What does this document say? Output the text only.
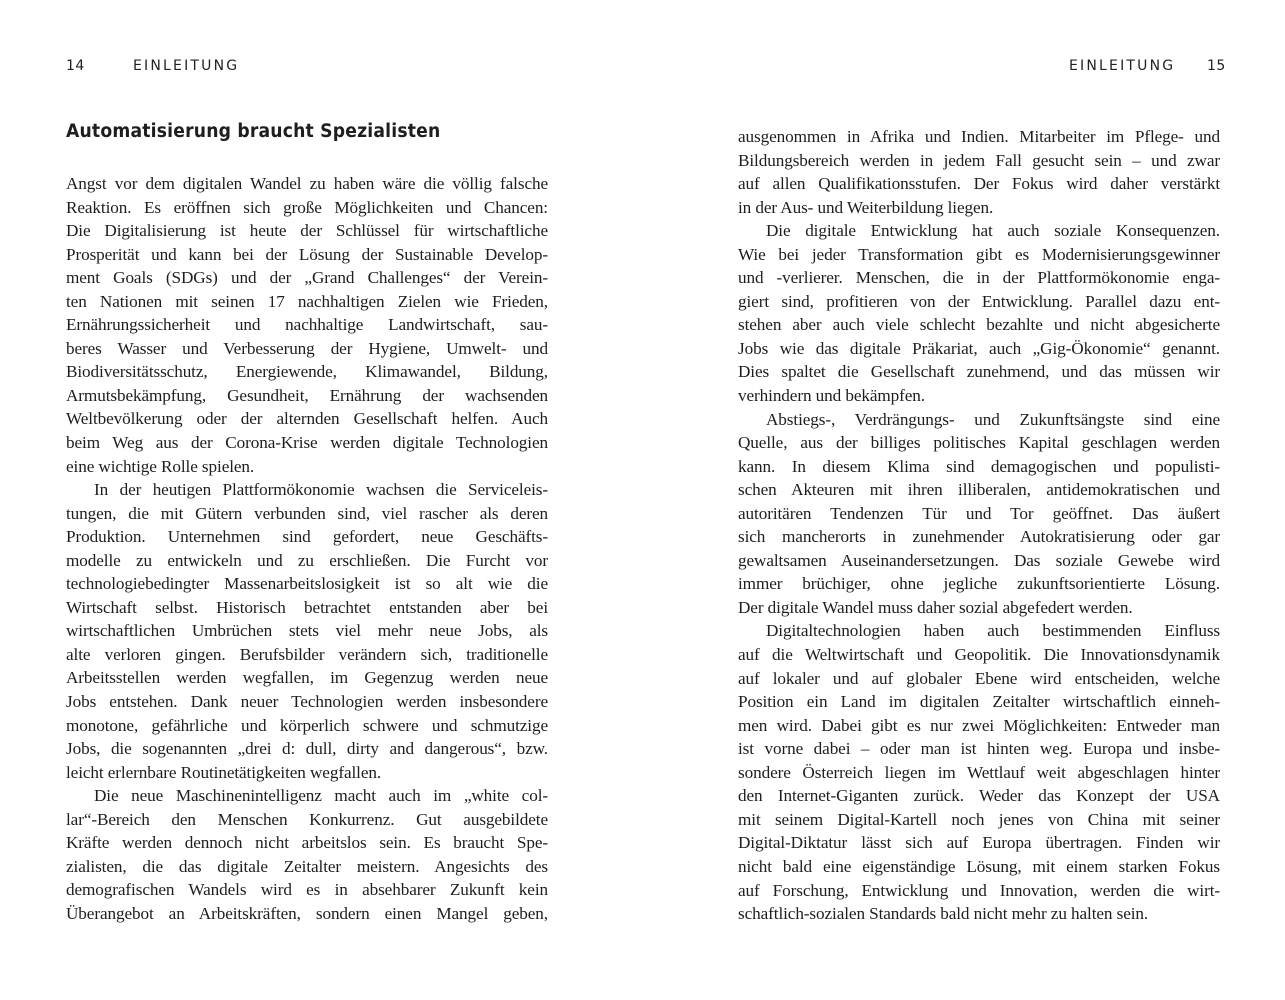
14	EINLEITUNG
Automatisierung braucht Spezialisten
Angst vor dem digitalen Wandel zu haben wäre die völlig falsche
Reaktion. Es eröffnen sich große Möglichkeiten und Chancen:
Die Digitalisierung ist heute der Schlüssel für wirtschaftliche
Prosperität und kann bei der Lösung der Sustainable Develop-
ment Goals (SDGs) und der „Grand Challenges“ der Verein-
ten Nationen mit seinen 17 nachhaltigen Zielen wie Frieden,
Ernährungssicherheit und nachhaltige Landwirtschaft, sau-
beres Wasser und Verbesserung der Hygiene, Umwelt- und
Biodiversitätsschutz, Energiewende, Klimawandel, Bildung,
Armutsbekämpfung, Gesundheit, Ernährung der wachsenden
Weltbevölkerung oder der alternden Gesellschaft helfen. Auch
beim Weg aus der Corona-Krise werden digitale Technologien
eine wichtige Rolle spielen.
In der heutigen Plattformökonomie wachsen die Serviceleis-
tungen, die mit Gütern verbunden sind, viel rascher als deren
Produktion. Unternehmen sind gefordert, neue Geschäfts-
modelle zu entwickeln und zu erschließen. Die Furcht vor
technologiebedingter Massenarbeitslosigkeit ist so alt wie die
Wirtschaft selbst. Historisch betrachtet entstanden aber bei
wirtschaftlichen Umbrüchen stets viel mehr neue Jobs, als
alte verloren gingen. Berufsbilder verändern sich, traditionelle
Arbeitsstellen werden wegfallen, im Gegenzug werden neue
Jobs entstehen. Dank neuer Technologien werden insbesondere
monotone, gefährliche und körperlich schwere und schmutzige
Jobs, die sogenannten „drei d: dull, dirty and dangerous“, bzw.
leicht erlernbare Routinetätigkeiten wegfallen.
Die neue Maschinenintelligenz macht auch im „white col-
lar“-Bereich den Menschen Konkurrenz. Gut ausgebildete
Kräfte werden dennoch nicht arbeitslos sein. Es braucht Spe-
zialisten, die das digitale Zeitalter meistern. Angesichts des
demografischen Wandels wird es in absehbarer Zukunft kein
Überangebot an Arbeitskräften, sondern einen Mangel geben,
EINLEITUNG 15
ausgenommen in Afrika und Indien. Mitarbeiter im Pflege- und
Bildungsbereich werden in jedem Fall gesucht sein – und zwar
auf allen Qualifikationsstufen. Der Fokus wird daher verstärkt
in der Aus- und Weiterbildung liegen.
Die digitale Entwicklung hat auch soziale Konsequenzen.
Wie bei jeder Transformation gibt es Modernisierungsgewinner
und -verlierer. Menschen, die in der Plattformökonomie enga-
giert sind, profitieren von der Entwicklung. Parallel dazu ent-
stehen aber auch viele schlecht bezahlte und nicht abgesicherte
Jobs wie das digitale Präkariat, auch „Gig-Ökonomie“ genannt.
Dies spaltet die Gesellschaft zunehmend, und das müssen wir
verhindern und bekämpfen.
Abstiegs-, Verdrängungs- und Zukunftsängste sind eine
Quelle, aus der billiges politisches Kapital geschlagen werden
kann. In diesem Klima sind demagogischen und populisti-
schen Akteuren mit ihren illiberalen, antidemokratischen und
autoritären Tendenzen Tür und Tor geöffnet. Das äußert
sich mancherorts in zunehmender Autokratisierung oder gar
gewaltsamen Auseinandersetzungen. Das soziale Gewebe wird
immer brüchiger, ohne jegliche zukunftsorientierte Lösung.
Der digitale Wandel muss daher sozial abgefedert werden.
Digitaltechnologien haben auch bestimmenden Einfluss
auf die Weltwirtschaft und Geopolitik. Die Innovationsdynamik
auf lokaler und auf globaler Ebene wird entscheiden, welche
Position ein Land im digitalen Zeitalter wirtschaftlich einneh-
men wird. Dabei gibt es nur zwei Möglichkeiten: Entweder man
ist vorne dabei – oder man ist hinten weg. Europa und insbe-
sondere Österreich liegen im Wettlauf weit abgeschlagen hinter
den Internet-Giganten zurück. Weder das Konzept der USA
mit seinem Digital-Kartell noch jenes von China mit seiner
Digital-Diktatur lässt sich auf Europa übertragen. Finden wir
nicht bald eine eigenständige Lösung, mit einem starken Fokus
auf Forschung, Entwicklung und Innovation, werden die wirt-
schaftlich-sozialen Standards bald nicht mehr zu halten sein.
